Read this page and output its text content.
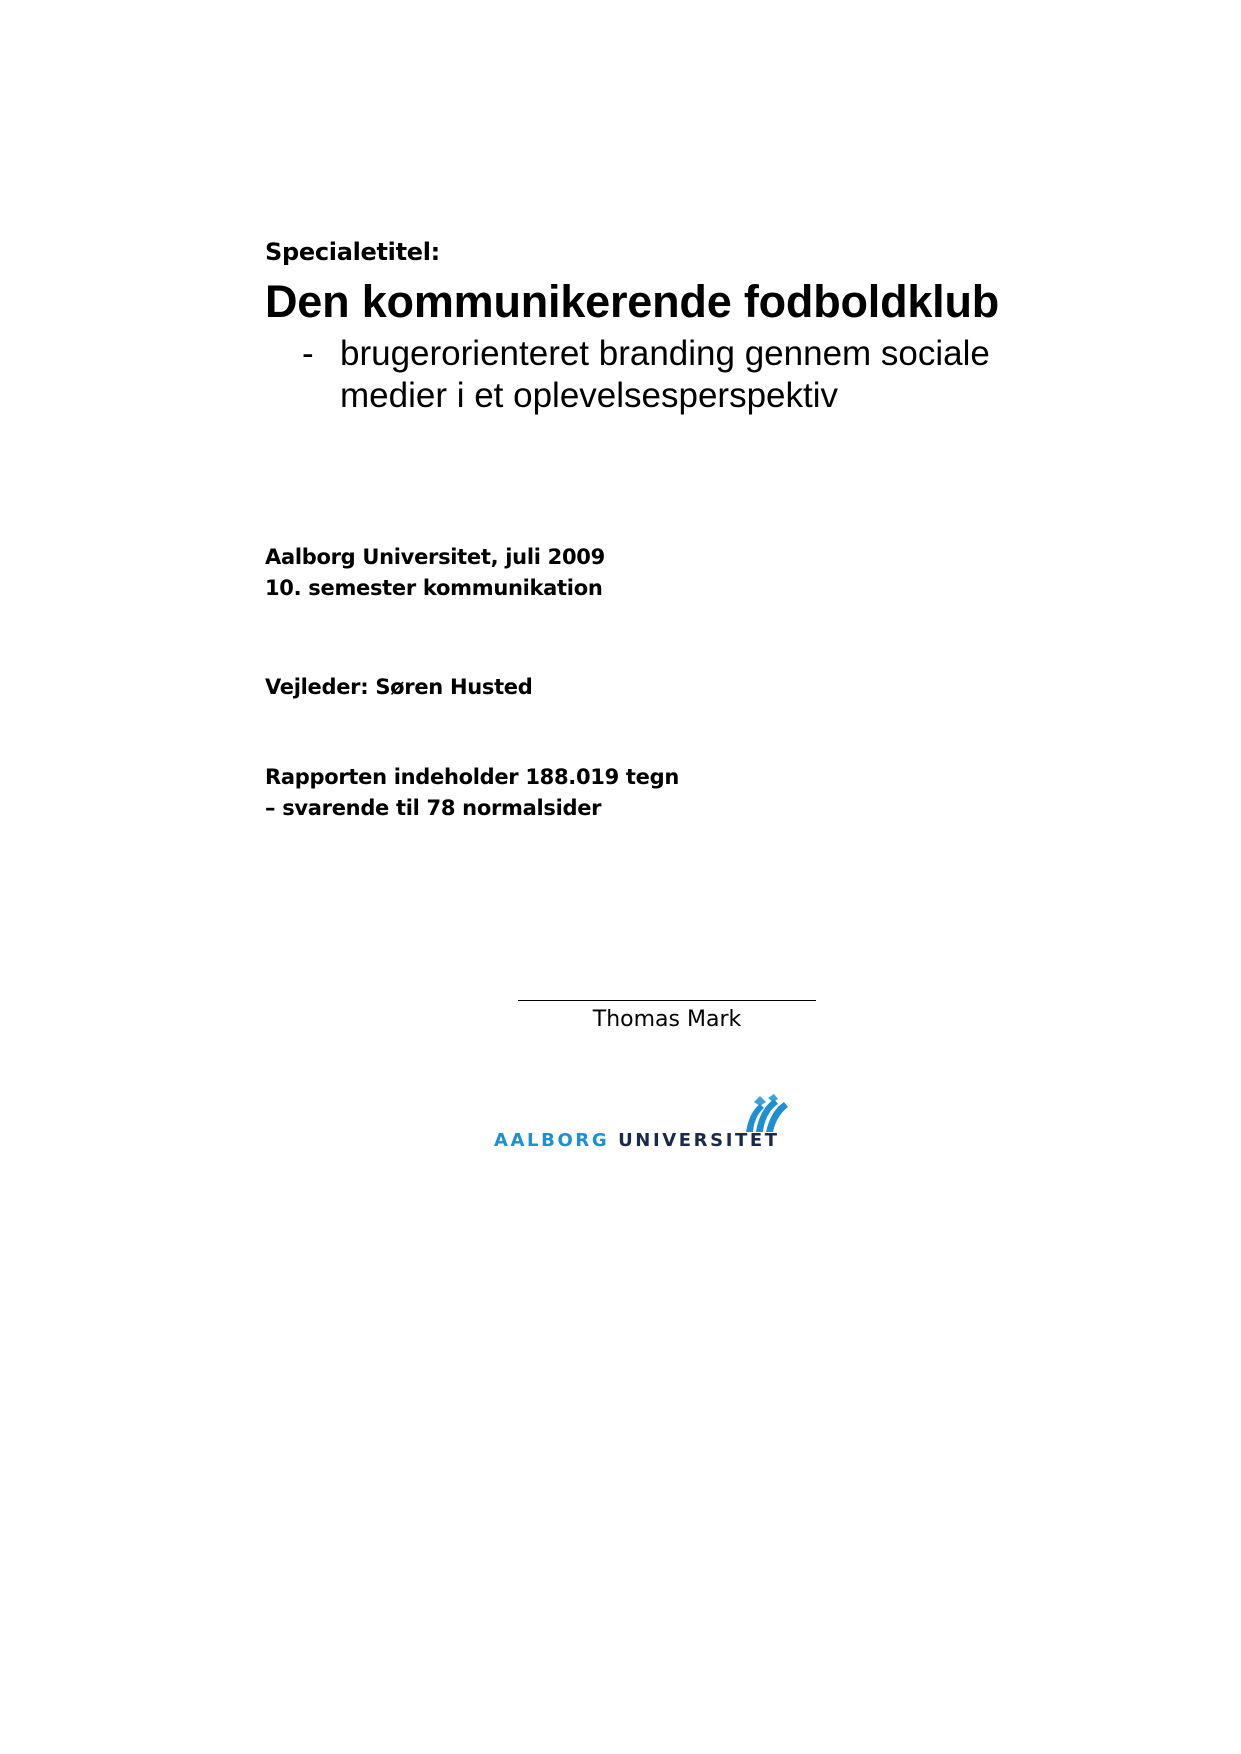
Specialetitel:
Den kommunikerende fodboldklub
- brugerorienteret branding gennem sociale medier i et oplevelsesperspektiv

Aalborg Universitet, juli 2009

10. semester kommunikation

Vejleder: Søren Husted

Rapporten indeholder 188.019 tegn

– svarende til 78 normalsider

Thomas Mark
AALBORG UNIVERSITET
